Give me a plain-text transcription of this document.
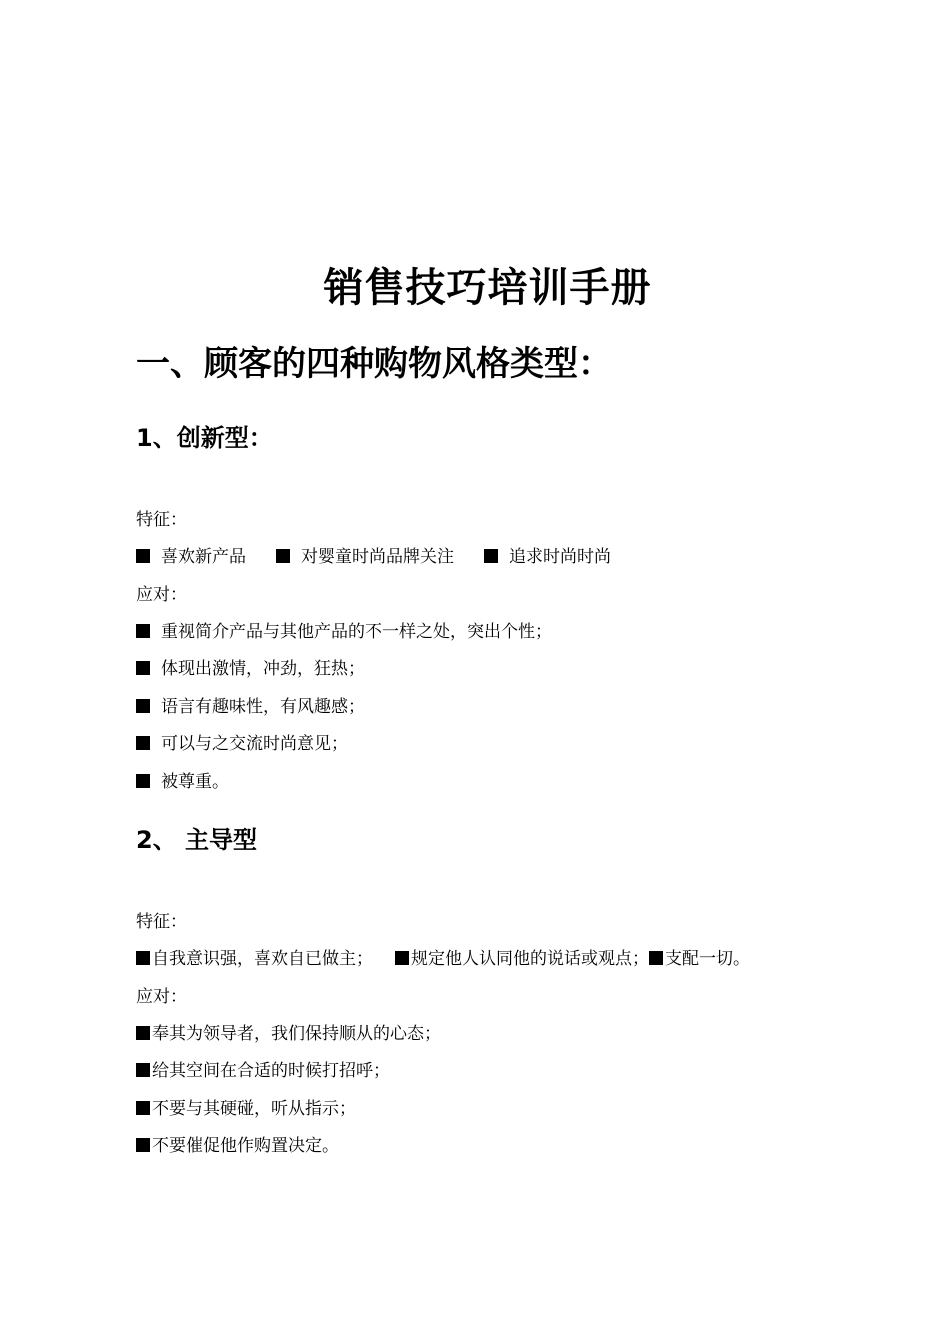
销售技巧培训手册
一、顾客的四种购物风格类型：
1、创新型：

特征：

喜欢新产品	对婴童时尚品牌关注	追求时尚时尚

应对：

重视简介产品与其他产品的不一样之处，突出个性；

体现出激情，冲劲，狂热；

语言有趣味性，有风趣感；

可以与之交流时尚意见；

被尊重。

2、 主导型

特征：

自我意识强，喜欢自已做主； 规定他人认同他的说话或观点； 支配一切。

应对：

奉其为领导者，我们保持顺从的心态；

给其空间在合适的时候打招呼；

不要与其硬碰，听从指示；

不要催促他作购置决定。
